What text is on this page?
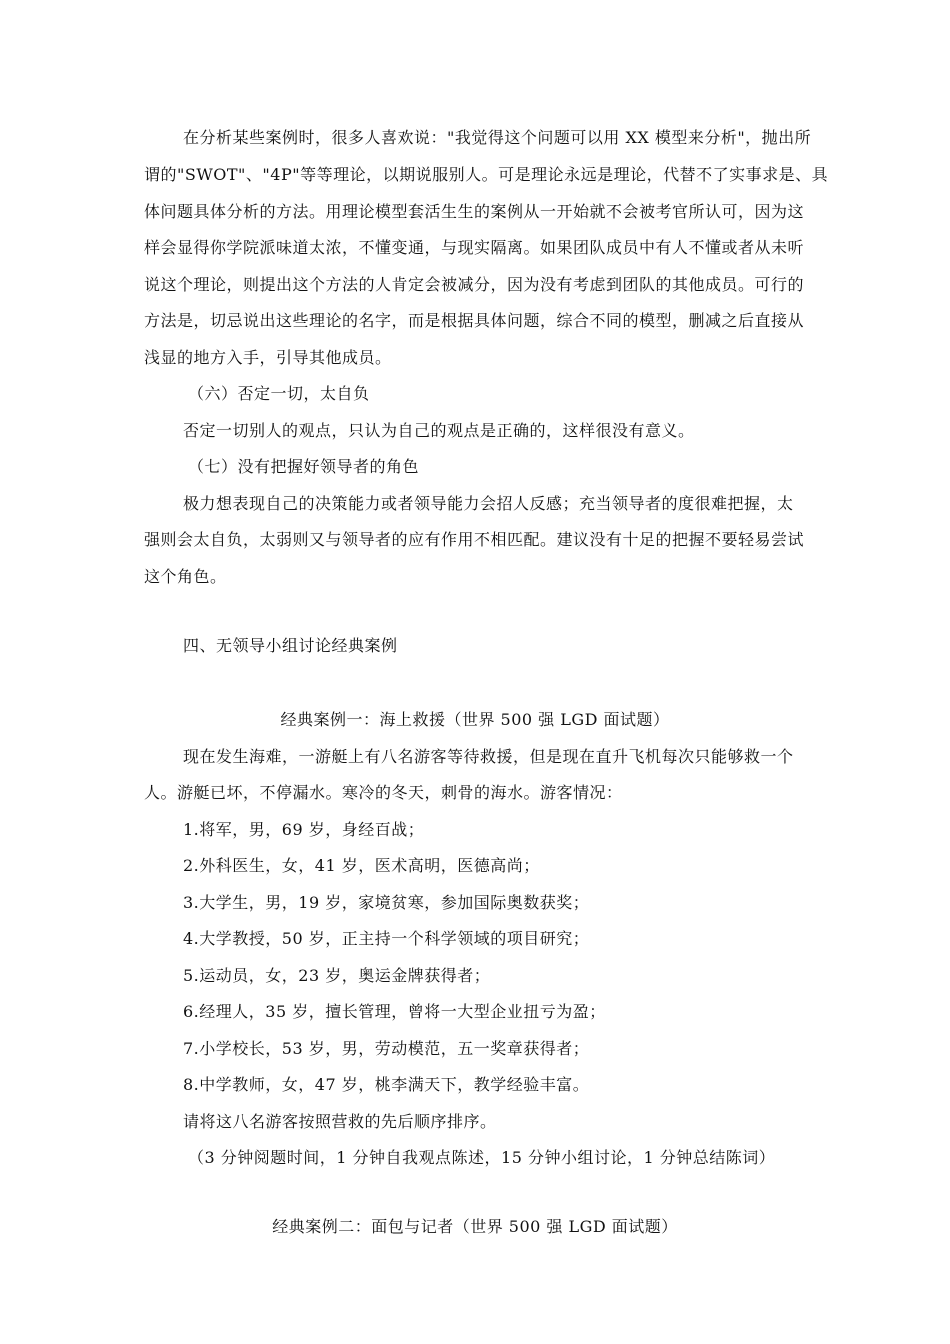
在分析某些案例时，很多人喜欢说："我觉得这个问题可以用 XX 模型来分析"，抛出所

谓的"SWOT"、"4P"等等理论，以期说服别人。可是理论永远是理论，代替不了实事求是、具

体问题具体分析的方法。用理论模型套活生生的案例从一开始就不会被考官所认可，因为这

样会显得你学院派味道太浓，不懂变通，与现实隔离。如果团队成员中有人不懂或者从未听

说这个理论，则提出这个方法的人肯定会被减分，因为没有考虑到团队的其他成员。可行的

方法是，切忌说出这些理论的名字，而是根据具体问题，综合不同的模型，删减之后直接从

浅显的地方入手，引导其他成员。

（六）否定一切，太自负

否定一切别人的观点，只认为自己的观点是正确的，这样很没有意义。

（七）没有把握好领导者的角色

极力想表现自己的决策能力或者领导能力会招人反感；充当领导者的度很难把握，太

强则会太自负，太弱则又与领导者的应有作用不相匹配。建议没有十足的把握不要轻易尝试

这个角色。

四、无领导小组讨论经典案例

经典案例一：海上救援（世界 500 强 LGD 面试题）

现在发生海难，一游艇上有八名游客等待救援，但是现在直升飞机每次只能够救一个

人。游艇已坏，不停漏水。寒冷的冬天，刺骨的海水。游客情况：

1.将军，男，69 岁，身经百战；

2.外科医生，女，41 岁，医术高明，医德高尚；

3.大学生，男，19 岁，家境贫寒，参加国际奥数获奖；

4.大学教授，50 岁，正主持一个科学领域的项目研究；

5.运动员，女，23 岁，奥运金牌获得者；

6.经理人，35 岁，擅长管理，曾将一大型企业扭亏为盈；

7.小学校长，53 岁，男，劳动模范，五一奖章获得者；

8.中学教师，女，47 岁，桃李满天下，教学经验丰富。

请将这八名游客按照营救的先后顺序排序。

（3 分钟阅题时间，1 分钟自我观点陈述，15 分钟小组讨论，1 分钟总结陈词）

经典案例二：面包与记者（世界 500 强 LGD 面试题）
